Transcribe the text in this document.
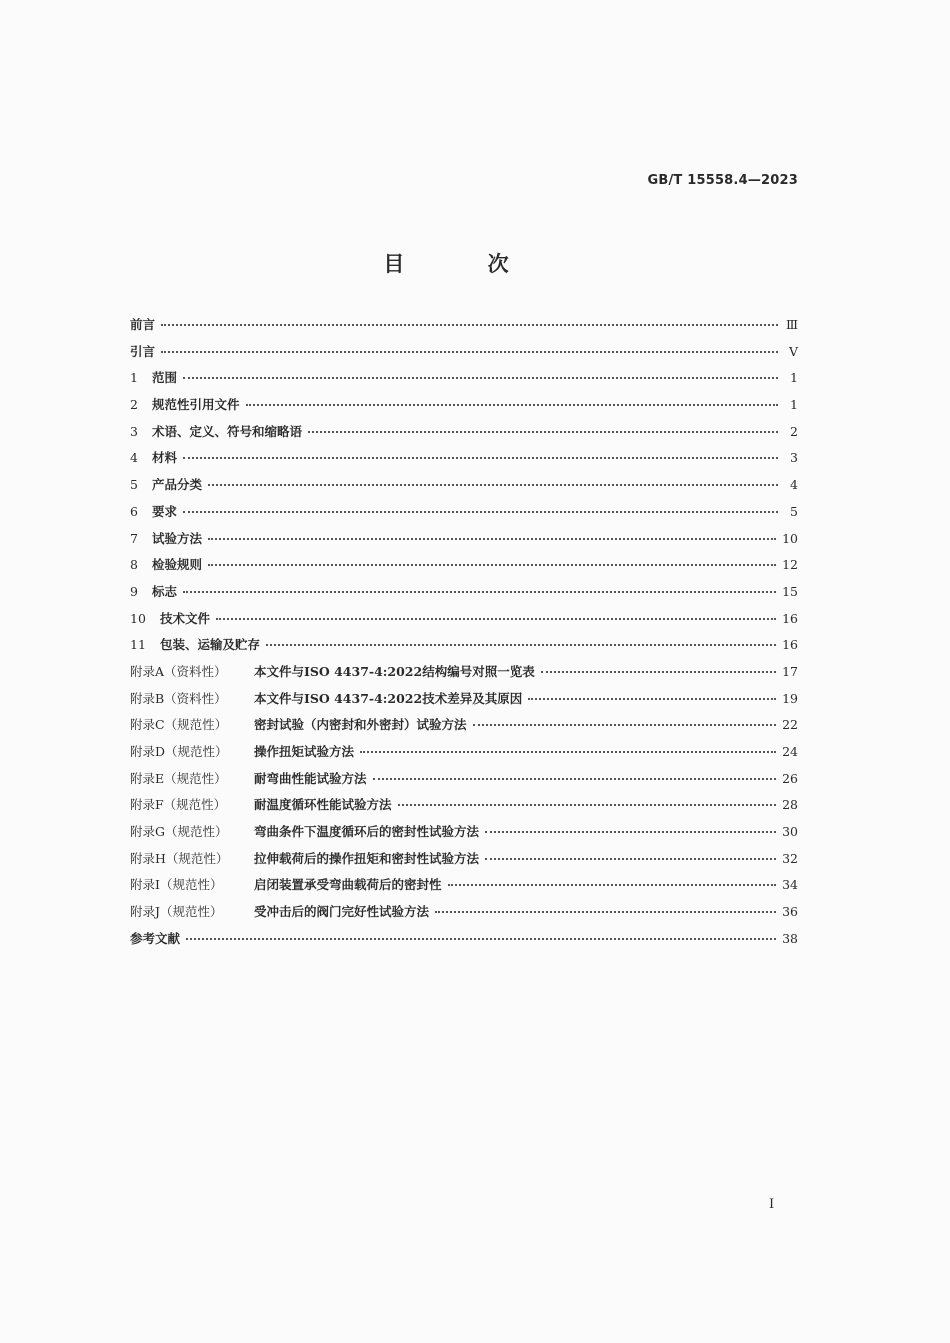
GB/T 15558.4—2023
目 次
前言	Ⅲ
引言	Ⅴ
1 范围	1
2 规范性引用文件	1
3 术语、定义、符号和缩略语	2
4 材料	3
5 产品分类	4
6 要求	5
7 试验方法	10
8 检验规则	12
9 标志	15
10 技术文件	16
11 包装、运输及贮存	16
附录A（资料性） 本文件与ISO 4437-4:2022结构编号对照一览表	17
附录B（资料性） 本文件与ISO 4437-4:2022技术差异及其原因	19
附录C（规范性） 密封试验（内密封和外密封）试验方法	22
附录D（规范性） 操作扭矩试验方法	24
附录E（规范性） 耐弯曲性能试验方法	26
附录F（规范性） 耐温度循环性能试验方法	28
附录G（规范性） 弯曲条件下温度循环后的密封性试验方法	30
附录H（规范性） 拉伸载荷后的操作扭矩和密封性试验方法	32
附录I（规范性）	启闭装置承受弯曲载荷后的密封性	34
附录J（规范性）	受冲击后的阀门完好性试验方法	36
参考文献	38
Ⅰ
